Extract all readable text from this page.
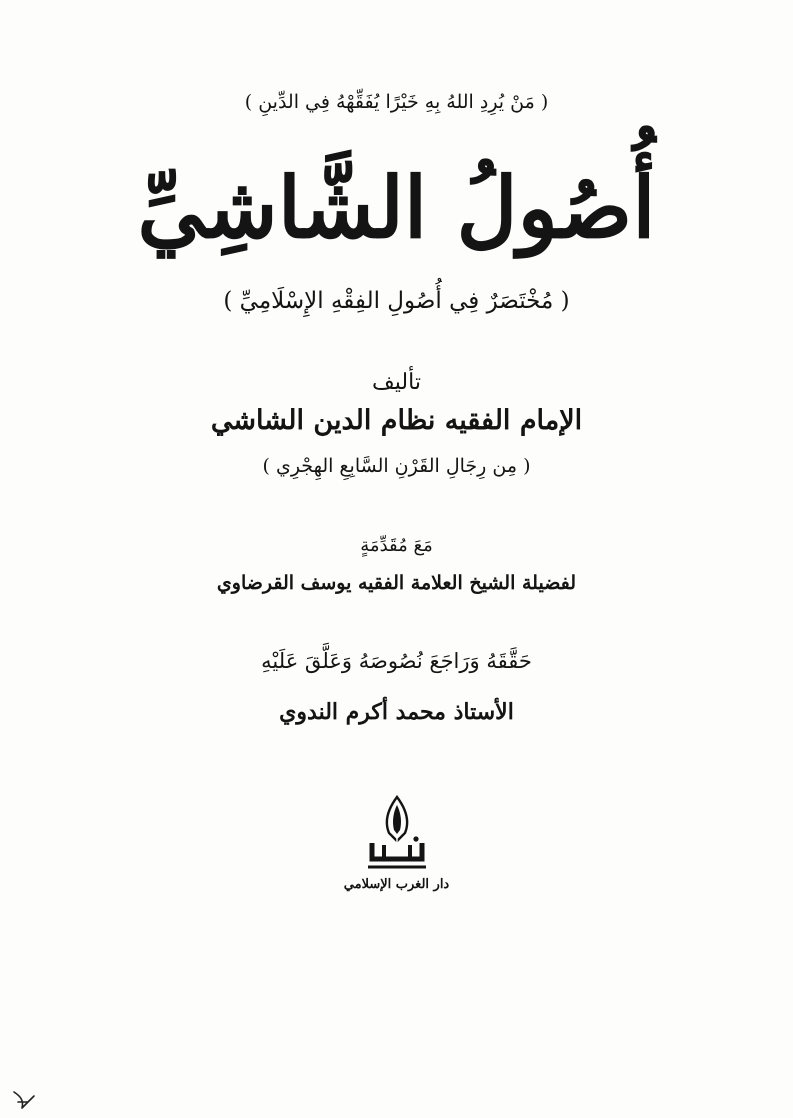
( مَنْ يُرِدِ اللهُ بِهِ خَيْرًا يُفَقِّهْهُ فِي الدِّينِ )
أُصُولُ الشَّاشِيِّ
( مُخْتَصَرٌ فِي أُصُولِ الفِقْهِ الإِسْلَامِيِّ )
تأليف
الإمام الفقيه نظام الدين الشاشي
( مِن رِجَالِ القَرْنِ السَّابِعِ الهِجْرِي )
مَعَ مُقَدِّمَةٍ
لفضيلة الشيخ العلامة الفقيه يوسف القرضاوي
حَقَّقَهُ وَرَاجَعَ نُصُوصَهُ وَعَلَّقَ عَلَيْهِ
الأستاذ محمد أكرم الندوي
دار الغرب الإسلامي
